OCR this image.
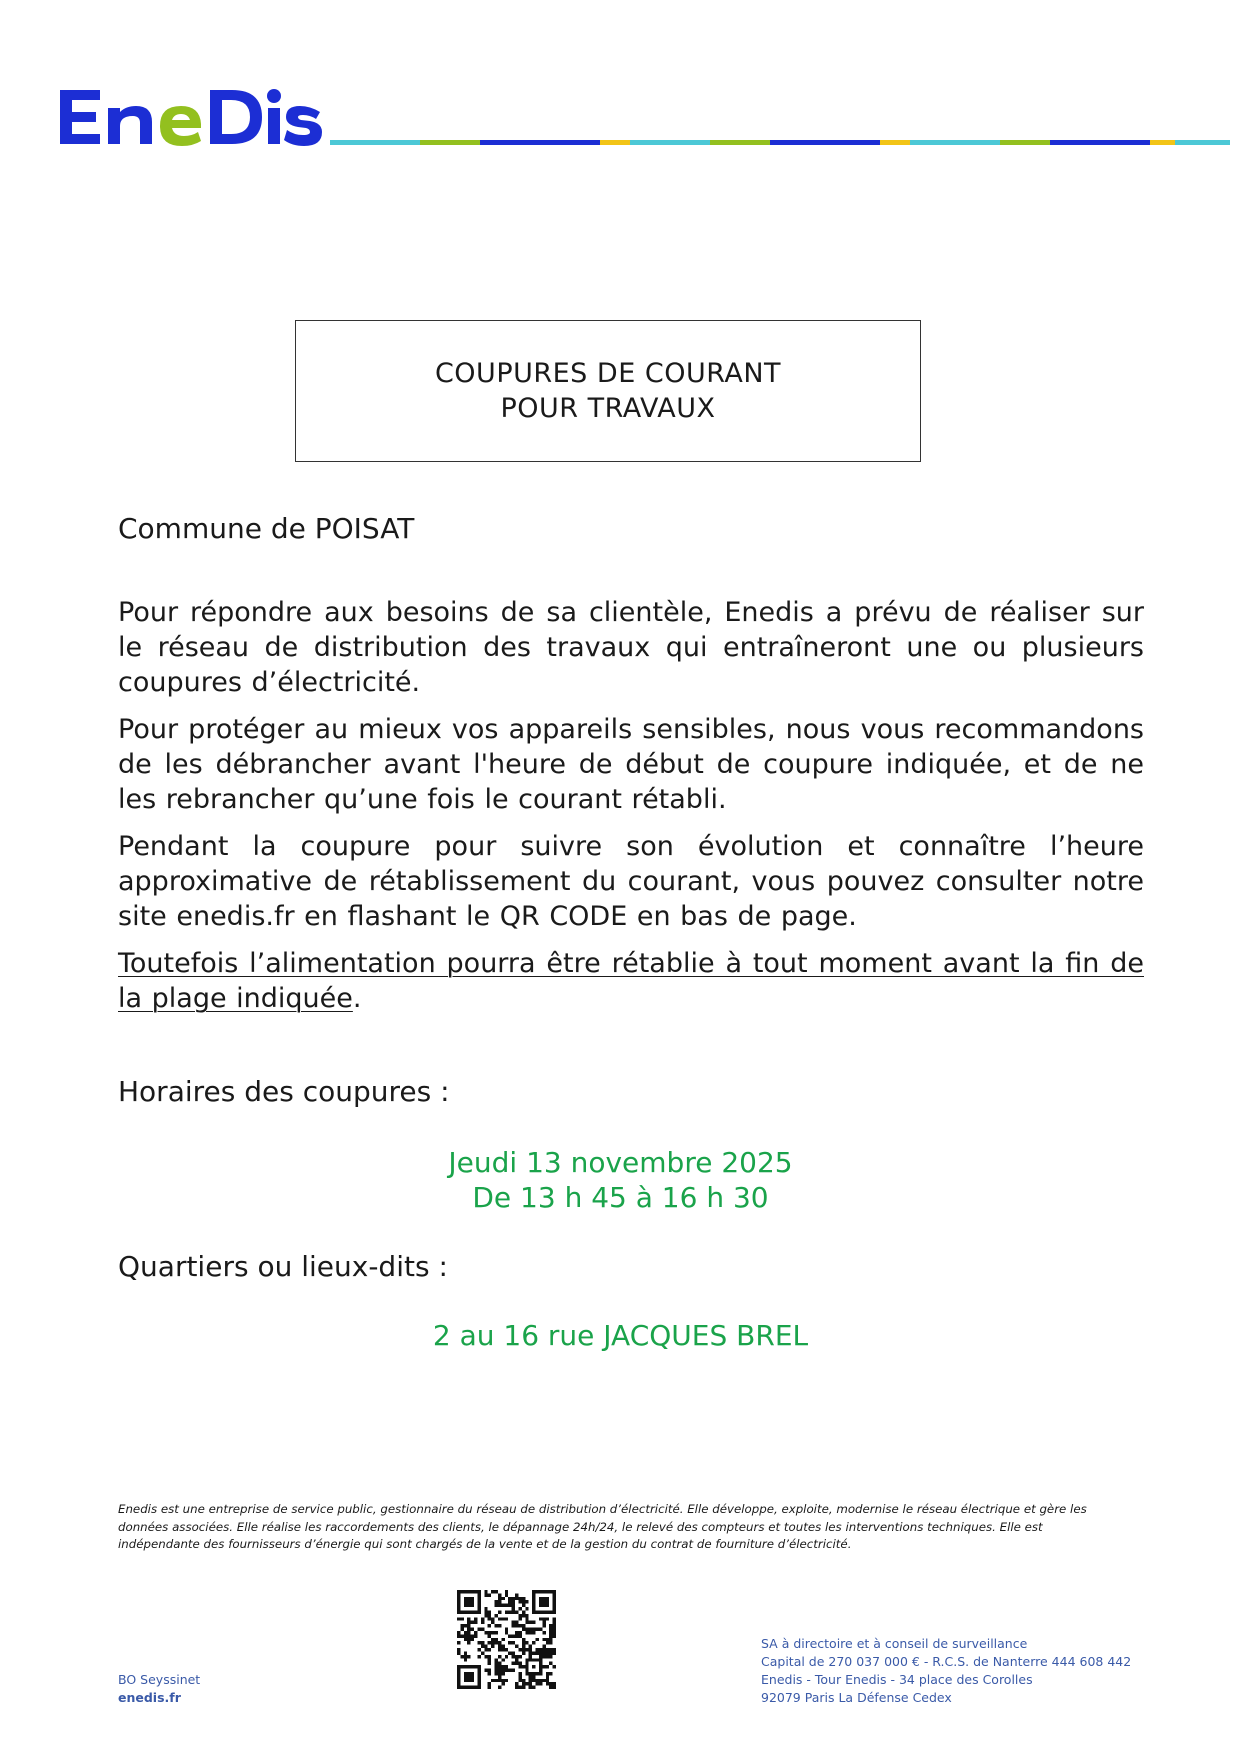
COUPURES DE COURANT
POUR TRAVAUX
Commune de POISAT

Pour répondre aux besoins de sa clientèle, Enedis a prévu de réaliser sur le réseau de distribution des travaux qui entraîneront une ou plusieurs coupures d’électricité.

Pour protéger au mieux vos appareils sensibles, nous vous recommandons de les débrancher avant l'heure de début de coupure indiquée, et de ne les rebrancher qu’une fois le courant rétabli.

Pendant la coupure pour suivre son évolution et connaître l’heure approximative de rétablissement du courant, vous pouvez consulter notre site enedis.fr en flashant le QR CODE en bas de page.

Toutefois l’alimentation pourra être rétablie à tout moment avant la fin de la plage indiquée.

Horaires des coupures :
Jeudi 13 novembre 2025
De 13 h 45 à 16 h 30
Quartiers ou lieux-dits :
2 au 16 rue JACQUES BREL
Enedis est une entreprise de service public, gestionnaire du réseau de distribution d’électricité. Elle développe, exploite, modernise le réseau électrique et gère les données associées. Elle réalise les raccordements des clients, le dépannage 24h/24, le relevé des compteurs et toutes les interventions techniques. Elle est indépendante des fournisseurs d’énergie qui sont chargés de la vente et de la gestion du contrat de fourniture d’électricité.
BO Seyssinet
enedis.fr
SA à directoire et à conseil de surveillance
Capital de 270 037 000 € - R.C.S. de Nanterre 444 608 442
Enedis - Tour Enedis - 34 place des Corolles
92079 Paris La Défense Cedex
